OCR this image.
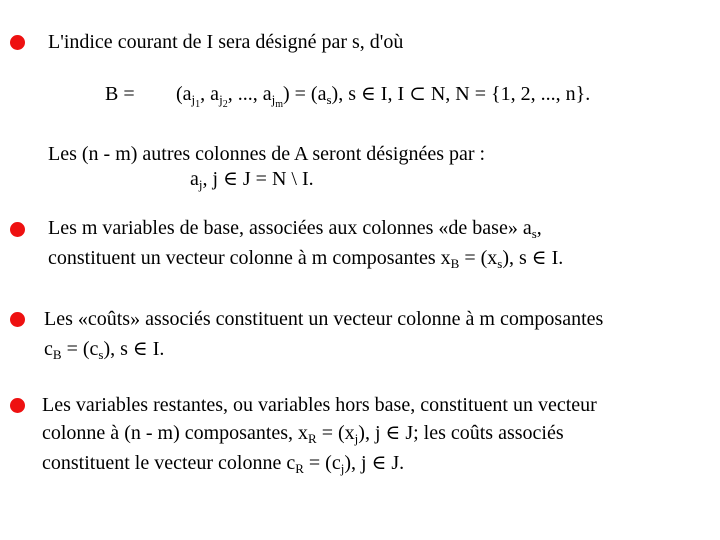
L'indice courant de I sera désigné par s, d'où
$B = (a_{j_1}$, $a_{j_2}$, ..., $a_{j_m}) = (a_s)$, s ∈ I, I ⊂ N, N = {1, 2, ..., n}.
Les (n - m) autres colonnes de A seront désignées par :
$a_j$, j ∈ J = N \ I.
Les m variables de base, associées aux colonnes «de base» $a_s$,
constituent un vecteur colonne à m composantes $x_B = (x_s)$, s ∈ I.
Les «coûts» associés constituent un vecteur colonne à m composantes
$c_B = (c_s)$, s ∈ I.
Les variables restantes, ou variables hors base, constituent un vecteur
colonne à (n - m) composantes, $x_R = (x_j)$, j ∈ J; les coûts associés
constituent le vecteur colonne $c_R = (c_j)$, j ∈ J.
